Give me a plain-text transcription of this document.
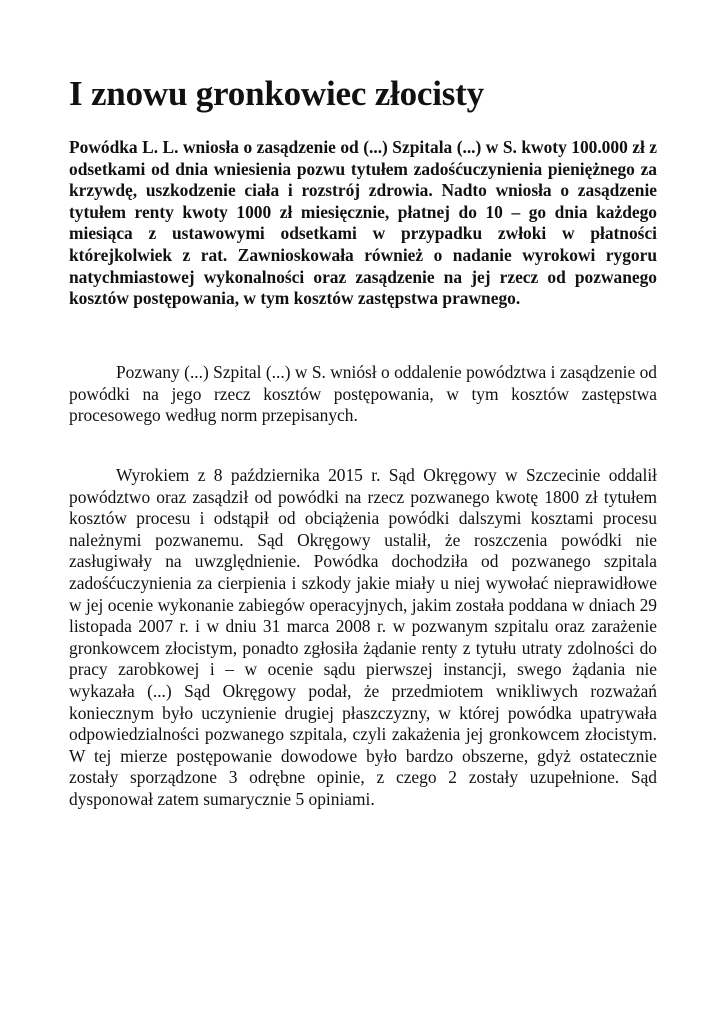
I znowu gronkowiec złocisty

Powódka L. L. wniosła o zasądzenie od (...) Szpitala (...) w S. kwoty 100.000 zł z odsetkami od dnia wniesienia pozwu tytułem zadośćuczynienia pieniężnego za krzywdę, uszkodzenie ciała i rozstrój zdrowia. Nadto wniosła o zasądzenie tytułem renty kwoty 1000 zł miesięcznie, płatnej do 10 – go dnia każdego miesiąca z ustawowymi odsetkami w przypadku zwłoki w płatności którejkolwiek z rat. Zawnioskowała również o nadanie wyrokowi rygoru natychmiastowej wykonalności oraz zasądzenie na jej rzecz od pozwanego kosztów postępowania, w tym kosztów zastępstwa prawnego.

Pozwany (...) Szpital (...) w S. wniósł o oddalenie powództwa i zasądzenie od powódki na jego rzecz kosztów postępowania, w tym kosztów zastępstwa procesowego według norm przepisanych.

Wyrokiem z 8 października 2015 r. Sąd Okręgowy w Szczecinie oddalił powództwo oraz zasądził od powódki na rzecz pozwanego kwotę 1800 zł tytułem kosztów procesu i odstąpił od obciążenia powódki dalszymi kosztami procesu należnymi pozwanemu. Sąd Okręgowy ustalił, że roszczenia powódki nie zasługiwały na uwzględnienie. Powódka dochodziła od pozwanego szpitala zadośćuczynienia za cierpienia i szkody jakie miały u niej wywołać nieprawidłowe w jej ocenie wykonanie zabiegów operacyjnych, jakim została poddana w dniach 29 listopada 2007 r. i w dniu 31 marca 2008 r. w pozwanym szpitalu oraz zarażenie gronkowcem złocistym, ponadto zgłosiła żądanie renty z tytułu utraty zdolności do pracy zarobkowej i – w ocenie sądu pierwszej instancji, swego żądania nie wykazała (...) Sąd Okręgowy podał, że przedmiotem wnikliwych rozważań koniecznym było uczynienie drugiej płaszczyzny, w której powódka upatrywała odpowiedzialności pozwanego szpitala, czyli zakażenia jej gronkowcem złocistym. W tej mierze postępowanie dowodowe było bardzo obszerne, gdyż ostatecznie zostały sporządzone 3 odrębne opinie, z czego 2 zostały uzupełnione. Sąd dysponował zatem sumarycznie 5 opiniami.
